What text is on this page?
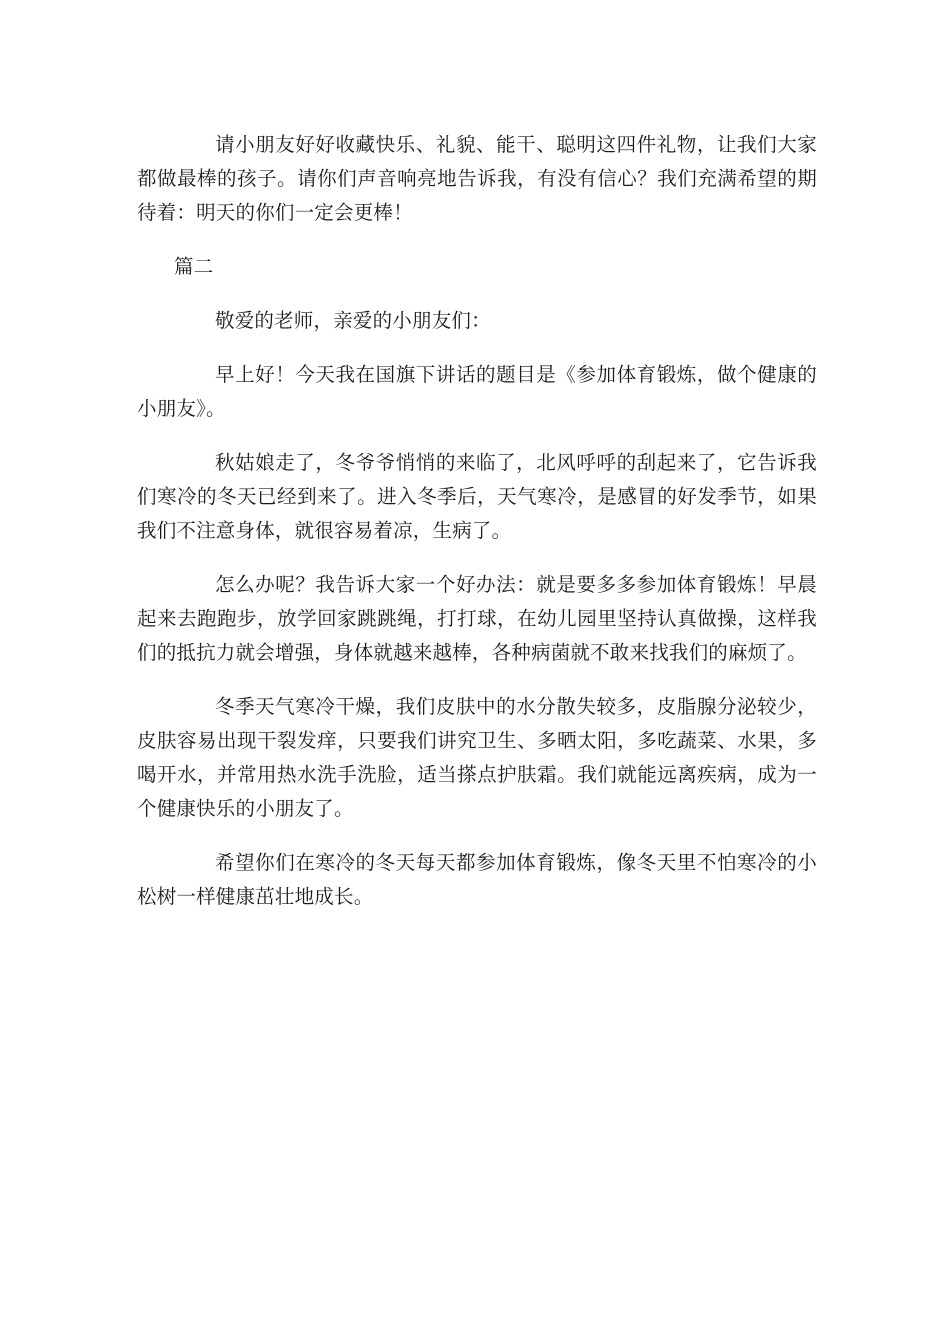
请小朋友好好收藏快乐、礼貌、能干、聪明这四件礼物，让我们大家都做最棒的孩子。请你们声音响亮地告诉我，有没有信心？我们充满希望的期待着：明天的你们一定会更棒！

篇二

敬爱的老师，亲爱的小朋友们：

早上好！今天我在国旗下讲话的题目是《参加体育锻炼，做个健康的小朋友》。

秋姑娘走了，冬爷爷悄悄的来临了，北风呼呼的刮起来了，它告诉我们寒冷的冬天已经到来了。进入冬季后，天气寒冷，是感冒的好发季节，如果我们不注意身体，就很容易着凉，生病了。

怎么办呢？我告诉大家一个好办法：就是要多多参加体育锻炼！早晨起来去跑跑步，放学回家跳跳绳，打打球，在幼儿园里坚持认真做操，这样我们的抵抗力就会增强，身体就越来越棒，各种病菌就不敢来找我们的麻烦了。

冬季天气寒冷干燥，我们皮肤中的水分散失较多，皮脂腺分泌较少，皮肤容易出现干裂发痒，只要我们讲究卫生、多晒太阳，多吃蔬菜、水果，多喝开水，并常用热水洗手洗脸，适当搽点护肤霜。我们就能远离疾病，成为一个健康快乐的小朋友了。

希望你们在寒冷的冬天每天都参加体育锻炼，像冬天里不怕寒冷的小松树一样健康茁壮地成长。
